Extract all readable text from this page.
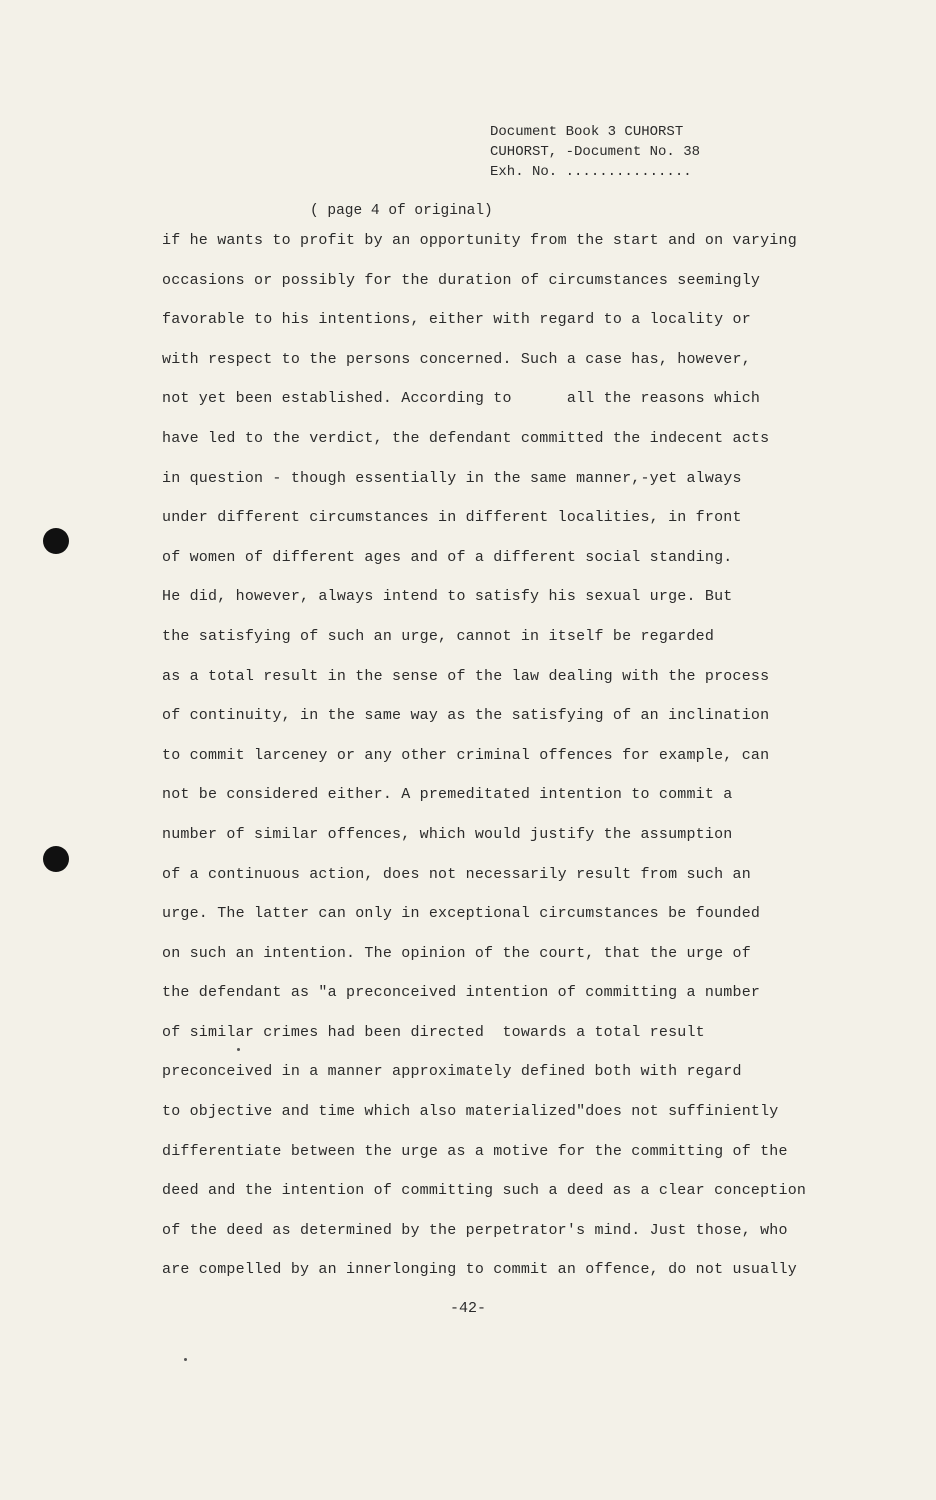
Document Book 3 CUHORST
CUHORST, -Document No. 38
Exh. No. ...............
( page 4 of original)
if he wants to profit by an opportunity from the start and on varying
occasions or possibly for the duration of circumstances seemingly
favorable to his intentions, either with regard to a locality or
with respect to the persons concerned. Such a case has, however,
not yet been established. According to      all the reasons which
have led to the verdict, the defendant committed the indecent acts
in question - though essentially in the same manner,-yet always
under different circumstances in different localities, in front
of women of different ages and of a different social standing.
He did, however, always intend to satisfy his sexual urge. But
the satisfying of such an urge, cannot in itself be regarded
as a total result in the sense of the law dealing with the process
of continuity, in the same way as the satisfying of an inclination
to commit larceney or any other criminal offences for example, can
not be considered either. A premeditated intention to commit a
number of similar offences, which would justify the assumption
of a continuous action, does not necessarily result from such an
urge. The latter can only in exceptional circumstances be founded
on such an intention. The opinion of the court, that the urge of
the defendant as "a preconceived intention of committing a number
of similar crimes had been directed  towards a total result
preconceived in a manner approximately defined both with regard
to objective and time which also materialized"does not suffiniently
differentiate between the urge as a motive for the committing of the
deed and the intention of committing such a deed as a clear conception
of the deed as determined by the perpetrator's mind. Just those, who
are compelled by an innerlonging to commit an offence, do not usually
-42-
